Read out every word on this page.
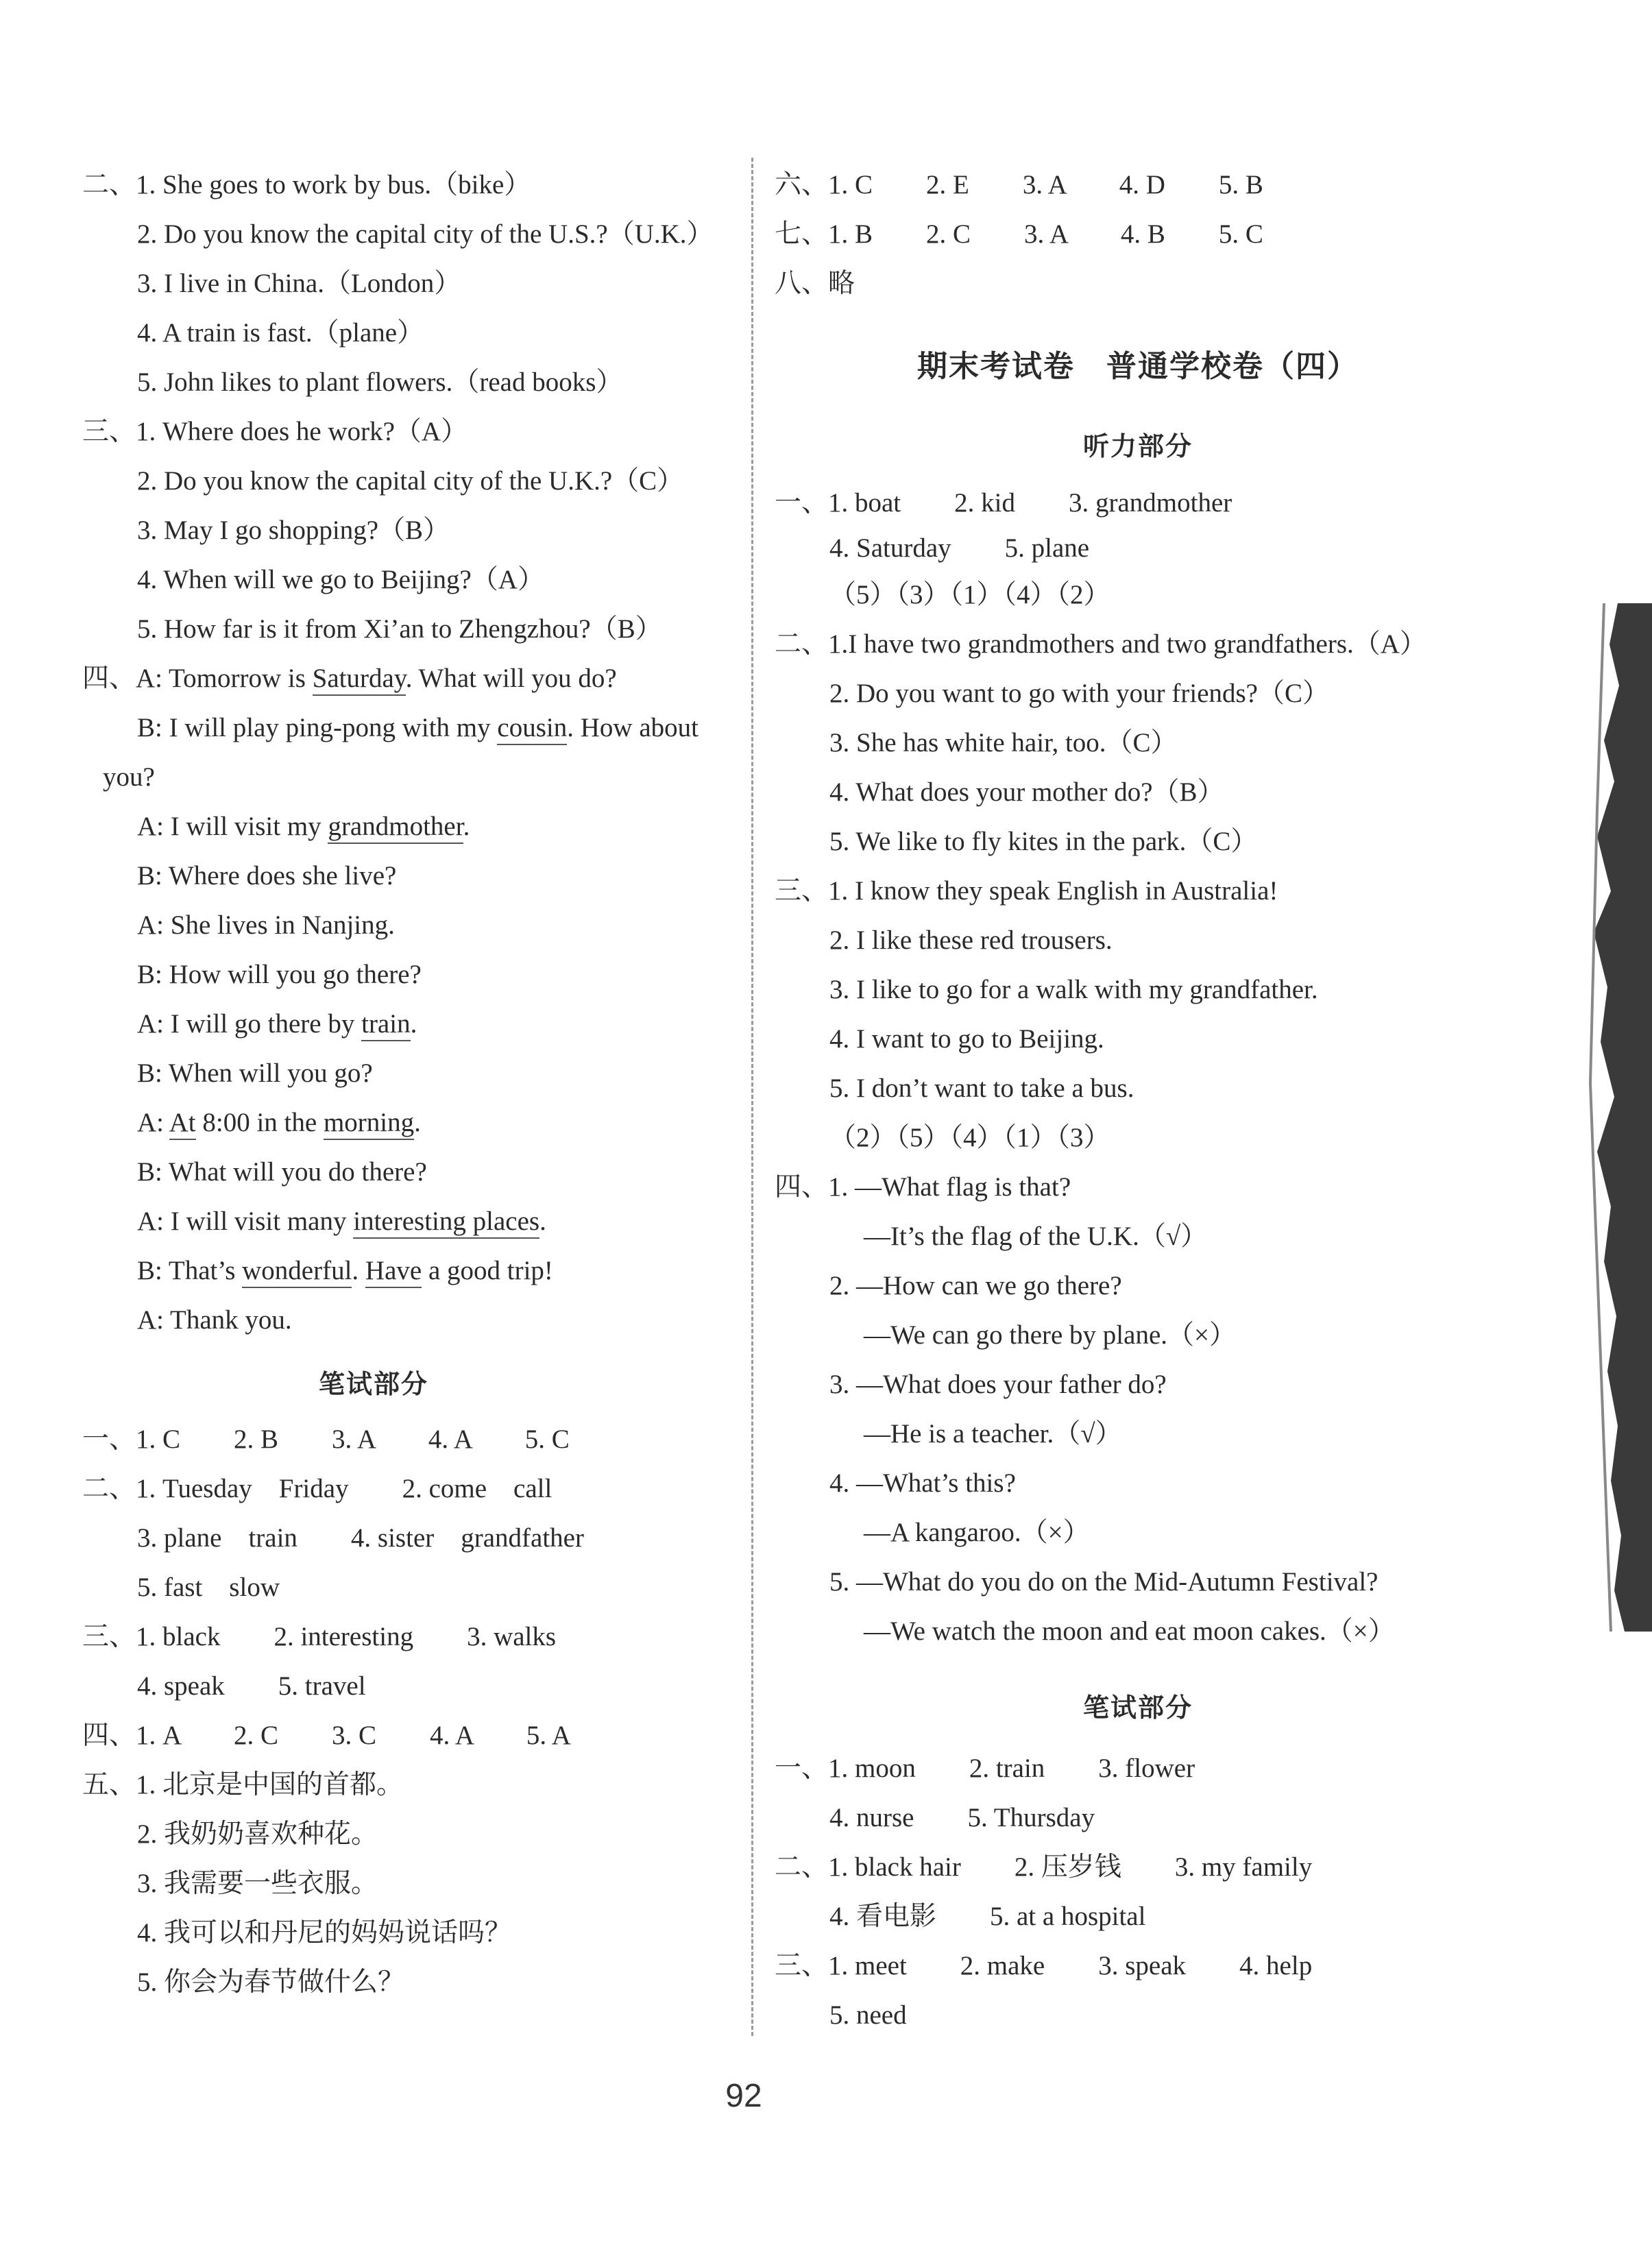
二、1. She goes to work by bus.（bike）
2. Do you know the capital city of the U.S.?（U.K.）
3. I live in China.（London）
4. A train is fast.（plane）
5. John likes to plant flowers.（read books）
三、1. Where does he work?（A）
2. Do you know the capital city of the U.K.?（C）
3. May I go shopping?（B）
4. When will we go to Beijing?（A）
5. How far is it from Xi’an to Zhengzhou?（B）
四、A: Tomorrow is Saturday. What will you do?
B: I will play ping-pong with my cousin. How about
you?
A: I will visit my grandmother.
B: Where does she live?
A: She lives in Nanjing.
B: How will you go there?
A: I will go there by train.
B: When will you go?
A: At 8:00 in the morning.
B: What will you do there?
A: I will visit many interesting places.
B: That’s wonderful. Have a good trip!
A: Thank you.
笔试部分
一、1. C　　2. B　　3. A　　4. A　　5. C
二、1. Tuesday　Friday　　2. come　call
3. plane　train　　4. sister　grandfather
5. fast　slow
三、1. black　　2. interesting　　3. walks
4. speak　　5. travel
四、1. A　　2. C　　3. C　　4. A　　5. A
五、1. 北京是中国的首都。
2. 我奶奶喜欢种花。
3. 我需要一些衣服。
4. 我可以和丹尼的妈妈说话吗？
5. 你会为春节做什么？
六、1. C　　2. E　　3. A　　4. D　　5. B
七、1. B　　2. C　　3. A　　4. B　　5. C
八、略
期末考试卷　普通学校卷（四）
听力部分
一、1. boat　　2. kid　　3. grandmother
4. Saturday　　5. plane
（5）（3）（1）（4）（2）
二、1.I have two grandmothers and two grandfathers.（A）
2. Do you want to go with your friends?（C）
3. She has white hair, too.（C）
4. What does your mother do?（B）
5. We like to fly kites in the park.（C）
三、1. I know they speak English in Australia!
2. I like these red trousers.
3. I like to go for a walk with my grandfather.
4. I want to go to Beijing.
5. I don’t want to take a bus.
（2）（5）（4）（1）（3）
四、1. —What flag is that?
—It’s the flag of the U.K.（√）
2. —How can we go there?
—We can go there by plane.（×）
3. —What does your father do?
—He is a teacher.（√）
4. —What’s this?
—A kangaroo.（×）
5. —What do you do on the Mid-Autumn Festival?
—We watch the moon and eat moon cakes.（×）
笔试部分
一、1. moon　　2. train　　3. flower
4. nurse　　5. Thursday
二、1. black hair　　2. 压岁钱　　3. my family
4. 看电影　　5. at a hospital
三、1. meet　　2. make　　3. speak　　4. help
5. need
92
